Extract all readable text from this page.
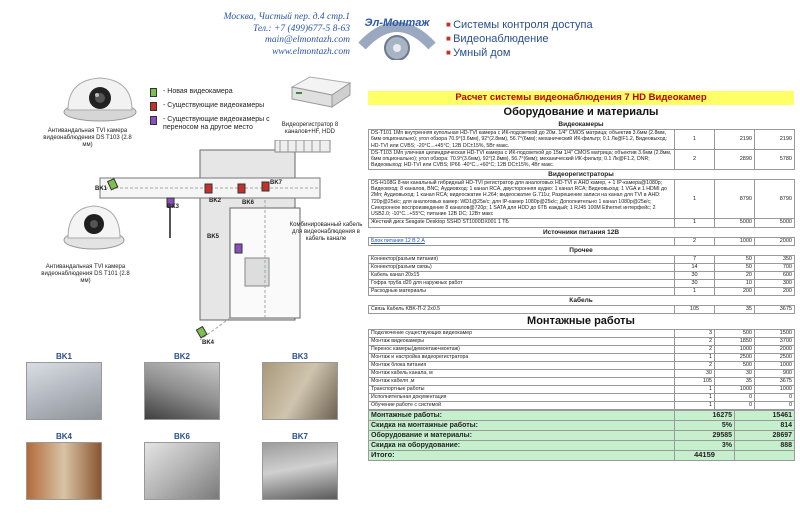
Москва, Чистый пер. д.4 стр.1
Тел.: +7 (499)677-5 8-63
main@elmontazh.com
www.elmontazh.com
Эл-Монтаж	■ Системы контроля доступа
■ Видеонаблюдение
■ Умный дом
Антивандальная TVI камера видеонаблюдения DS T103 (2.8 мм)
Антивандальная TVI камера видеонаблюдения DS T101 (2.8 мм)
Видеорегистратор 8 каналов+HF, HDD
- Новая видеокамера
- Существующие видеокамеры
- Существующие видеокамеры с переносом на другое место
BK1
BK2
BK3
BK4
BK5
BK6
BK7
Комбинированный кабель для видеонаблюдения в кабель канале
BK1	BK2	BK3
BK4	BK6	BK7
Расчет системы видеонаблюдения 7 HD Видеокамер
Оборудование и материалы
Видеокамеры
DS-T101 1Мп внутренняя купольная HD-TVI камера с ИК-подсветкой до 20м. 1/4" CMOS матрица; объектив 3.6мм (2.8мм, 6мм опционально); угол обзора 70.9°(3.6мм), 92°(2.8мм), 56.7°(6мм); механический ИК-фильтр; 0.1 Лк@F1.2, Видеовыход: HD-TVI или CVBS; -20°C...+45°C; 12В DC±15%, 5Вт макс.	1	2190	2190
DS-T103 1Мп уличная цилиндрическая HD-TVI камера с ИК-подсветкой до 15м 1/4" CMOS матрица; объектив 3.6мм (2.8мм, 6мм опционально); угол обзора: 70.9°(3.6мм), 92°(2.8мм), 56.7°(6мм); механический ИК-фильтр; 0.1 Лк@F1.2, DNR; Видеовыход: HD-TVI или CVBS; IP66 -40°C...+60°C; 12В DC±15%, 4Вт макс.	2	2890	5780
Видеорегистраторы
DS-H108G 8-ми канальный гибридный HD-TVI регистратор для аналоговых HD-TVI и AHD камер, + 1 IP-камера@1080p; Видеовход: 8 каналов, BNC; Аудиовход: 1 канал RCA, двусторонняя аудио: 1 канал RCA; Видеовыход: 1 VGA и 1 HDMI до 2Мп; Аудиовыход: 1 канал RCA; видеосжатие H.264; видеосжатие G.711u; Разрешение записи на канал для TVI в AHD: 720p@25к/с; для аналоговых камер: WD1@25к/с; для IP-камер 1080p@25к/с; Дополнительно 1 канал 1080p@25к/с; Синхронное воспроизведение 8 каналов@720p; 1 SATA для HDD до 6ТБ каждый; 1 RJ45 100M Ethernet интерфейс; 2 USB2.0; -10°C...+55°C; питание 12В DC; 12Вт макс	1	8790	8790
Жесткий диск Seagate Desktop SSHD ST1000DX001 1 ТБ	1	5000	5000
Источники питания 12В
Блок питания 12 В 2 А	2	1000	2000
Прочее
Коннектор(разъем питания)	7	50	350
Коннектор(разъем связь)	14	50	700
Кабель канал 20x15	30	20	600
Гофра труба d20 для наружных работ	30	10	300
Расходные материалы	1	200	200
Кабель
Связь Кабель KBK-П-2 2x0.5	105	35	3675
Монтажные работы
Подключение существующих видеокамер	3	500	1500
Монтаж видеокамеры	2	1850	3700
Перенос камеры(демонтаж+монтаж)	2	1000	2000
Монтаж и настройка видеорегистратора	1	2500	2500
Монтаж блока питания	2	500	1000
Монтаж кабель канала, м	30	30	900
Монтаж кабеля ,м	105	35	3675
Транспортные работы	1	1000	1000
Исполнительная документация	1	0	0
Обучение работе с системой	1	0	0
Монтажные работы:	16275	15461
Скидка на монтажные работы:	5%	814
Оборудование и материалы:	29585	28697
Скидка на оборудование:	3%	888
Итого:	44159	
